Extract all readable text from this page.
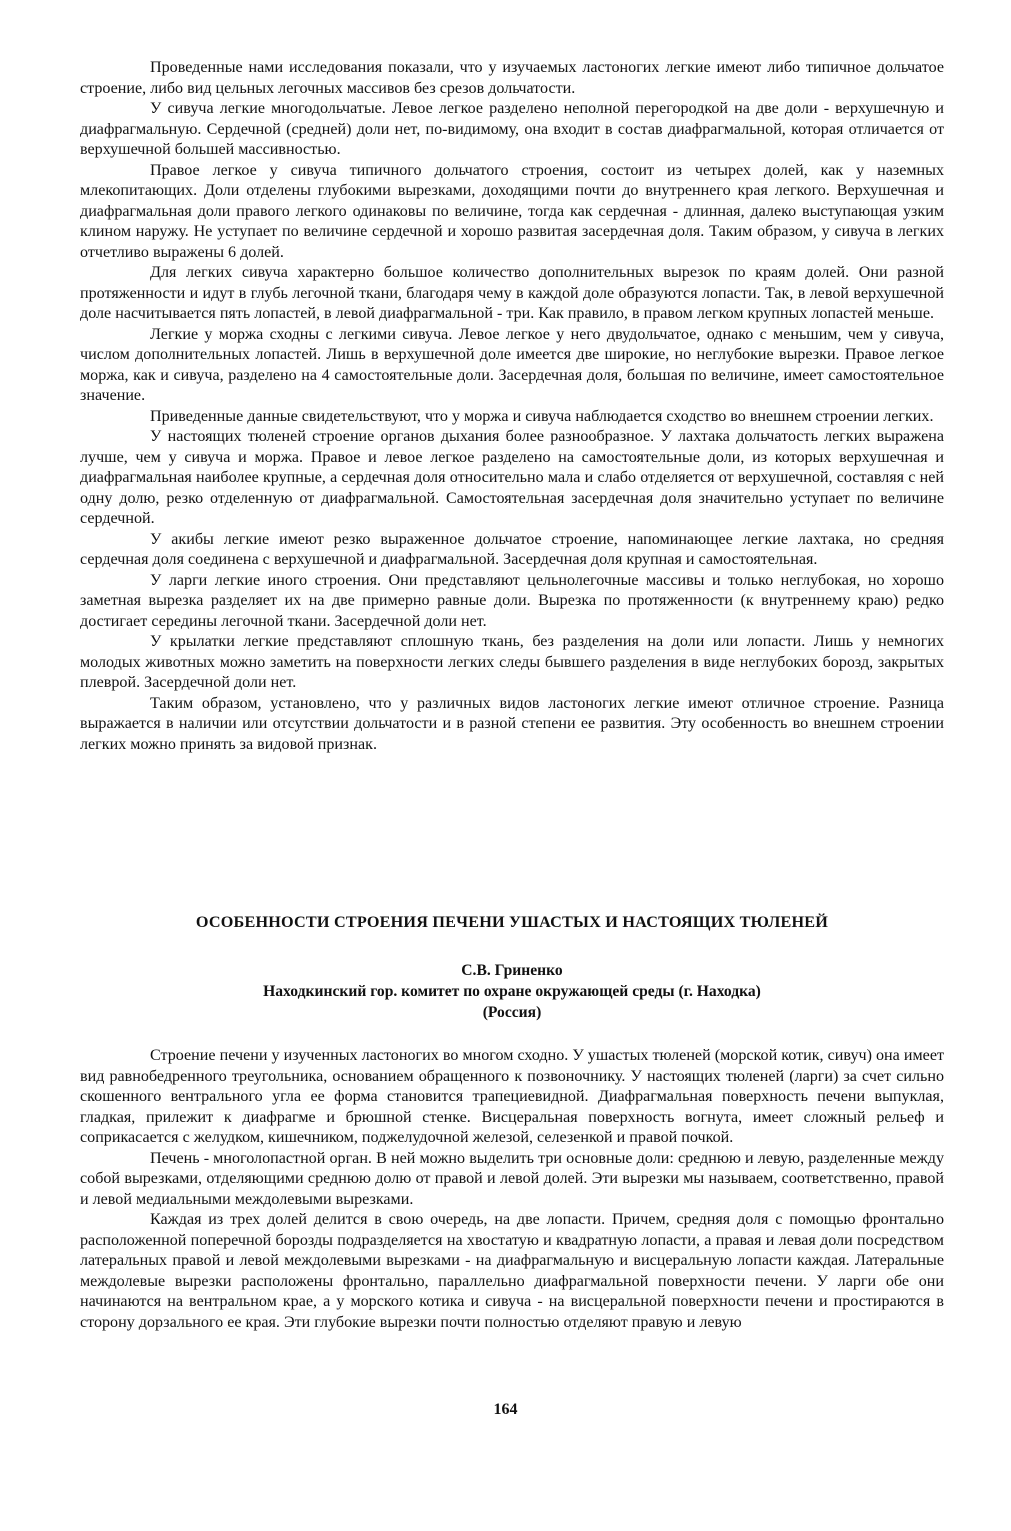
Проведенные нами исследования показали, что у изучаемых ластоногих легкие имеют либо типичное дольчатое строение, либо вид цельных легочных массивов без срезов дольчатости.

У сивуча легкие многодольчатые. Левое легкое разделено неполной перегородкой на две доли - верхушечную и диафрагмальную. Сердечной (средней) доли нет, по-видимому, она входит в состав диафрагмальной, которая отличается от верхушечной большей массивностью.

Правое легкое у сивуча типичного дольчатого строения, состоит из четырех долей, как у наземных млекопитающих. Доли отделены глубокими вырезками, доходящими почти до внутреннего края легкого. Верхушечная и диафрагмальная доли правого легкого одинаковы по величине, тогда как сердечная - длинная, далеко выступающая узким клином наружу. Не уступает по величине сердечной и хорошо развитая засердечная доля. Таким образом, у сивуча в легких отчетливо выражены 6 долей.

Для легких сивуча характерно большое количество дополнительных вырезок по краям долей. Они разной протяженности и идут в глубь легочной ткани, благодаря чему в каждой доле образуются лопасти. Так, в левой верхушечной доле насчитывается пять лопастей, в левой диафрагмальной - три. Как правило, в правом легком крупных лопастей меньше.

Легкие у моржа сходны с легкими сивуча. Левое легкое у него двудольчатое, однако с меньшим, чем у сивуча, числом дополнительных лопастей. Лишь в верхушечной доле имеется две широкие, но неглубокие вырезки. Правое легкое моржа, как и сивуча, разделено на 4 самостоятельные доли. Засердечная доля, большая по величине, имеет самостоятельное значение.

Приведенные данные свидетельствуют, что у моржа и сивуча наблюдается сходство во внешнем строении легких.

У настоящих тюленей строение органов дыхания более разнообразное. У лахтака дольчатость легких выражена лучше, чем у сивуча и моржа. Правое и левое легкое разделено на самостоятельные доли, из которых верхушечная и диафрагмальная наиболее крупные, а сердечная доля относительно мала и слабо отделяется от верхушечной, составляя с ней одну долю, резко отделенную от диафрагмальной. Самостоятельная засердечная доля значительно уступает по величине сердечной.

У акибы легкие имеют резко выраженное дольчатое строение, напоминающее легкие лахтака, но средняя сердечная доля соединена с верхушечной и диафрагмальной. Засердечная доля крупная и самостоятельная.

У ларги легкие иного строения. Они представляют цельнолегочные массивы и только неглубокая, но хорошо заметная вырезка разделяет их на две примерно равные доли. Вырезка по протяженности (к внутреннему краю) редко достигает середины легочной ткани. Засердечной доли нет.

У крылатки легкие представляют сплошную ткань, без разделения на доли или лопасти. Лишь у немногих молодых животных можно заметить на поверхности легких следы бывшего разделения в виде неглубоких борозд, закрытых плеврой. Засердечной доли нет.

Таким образом, установлено, что у различных видов ластоногих легкие имеют отличное строение. Разница выражается в наличии или отсутствии дольчатости и в разной степени ее развития. Эту особенность во внешнем строении легких можно принять за видовой признак.

ОСОБЕННОСТИ СТРОЕНИЯ ПЕЧЕНИ УШАСТЫХ И НАСТОЯЩИХ ТЮЛЕНЕЙ
С.В. Гриненко
Находкинский гор. комитет по охране окружающей среды (г. Находка)
(Россия)

Строение печени у изученных ластоногих во многом сходно. У ушастых тюленей (морской котик, сивуч) она имеет вид равнобедренного треугольника, основанием обращенного к позвоночнику. У настоящих тюленей (ларги) за счет сильно скошенного вентрального угла ее форма становится трапециевидной. Диафрагмальная поверхность печени выпуклая, гладкая, прилежит к диафрагме и брюшной стенке. Висцеральная поверхность вогнута, имеет сложный рельеф и соприкасается с желудком, кишечником, поджелудочной железой, селезенкой и правой почкой.

Печень - многолопастной орган. В ней можно выделить три основные доли: среднюю и левую, разделенные между собой вырезками, отделяющими среднюю долю от правой и левой долей. Эти вырезки мы называем, соответственно, правой и левой медиальными междолевыми вырезками.

Каждая из трех долей делится в свою очередь, на две лопасти. Причем, средняя доля с помощью фронтально расположенной поперечной борозды подразделяется на хвостатую и квадратную лопасти, а правая и левая доли посредством латеральных правой и левой междолевыми вырезками - на диафрагмальную и висцеральную лопасти каждая. Латеральные междолевые вырезки расположены фронтально, параллельно диафрагмальной поверхности печени. У ларги обе они начинаются на вентральном крае, а у морского котика и сивуча - на висцеральной поверхности печени и простираются в сторону дорзального ее края. Эти глубокие вырезки почти полностью отделяют правую и левую

164
